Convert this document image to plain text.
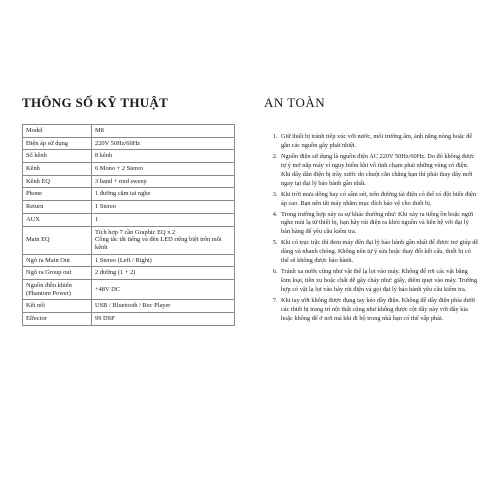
THÔNG SỐ KỸ THUẬT
Model	M8

Điện áp sử dụng	220V 50Hz/60Hz

Số kênh	8 kênh

Kênh	6 Mono + 2 Stereo

Kênh EQ	3 band + mid sweep

Phone	1 đường cắm tai nghe

Return	1 Stereo

AUX	1

Main EQ	Tích hợp 7 cần Graphic EQ x 2
Công tắc tắt tiếng và đèn LED riêng biệt trên mỗi kênh

Ngõ ra Main Out	1 Stereo (Left / Right)

Ngõ ra Group out	2 đường (1 + 2)

Nguồn điều khiển (Phantom Power)	+48V DC

Kết nối	USB / Bluetooth / Rec Player

Effector	99 DSP
AN TOÀN
1. Giữ thiết bị tránh tiếp xúc với nước, môi trường ẩm, ánh nắng nóng hoặc để gần các nguồn gây phát nhiệt.
2. Nguồn điện sử dụng là nguồn điện AC 220V 50Hz/60Hz. Do đó không được tự ý mở nắp máy vì nguy hiểm khi vô tình chạm phải những vùng có điện. Khi dây dẫn điện bị trầy xước do chuột cắn chẳng hạn thì phải thay dây mới ngay tại đại lý bảo hành gần nhất.
3. Khi trời mưa dông hay có sấm sét, trên đường tải điện có thể có đột biến điện áp cao. Bạn nên tắt máy nhằm mục đích bảo vệ cho thiết bị.
4. Trong trường hợp xảy ra sự khác thường như: Khi xảy ra tiếng ồn hoặc ngửi nghe mùi lạ từ thiết bị, bạn hãy rút điện ra khỏi nguồn và liên hệ với đại lý bán hàng để yêu cầu kiểm tra.
5. Khi có trục trặc thì đem máy đến đại lý bảo hành gần nhất để được trợ giúp dễ dàng và nhanh chóng. Không nên tự ý sửa hoặc thay đổi kết cấu, thiết bị có thể sẽ không được bảo hành.
6. Tránh xa nước cũng như vật thể lạ lọt vào máy. Không để rơi các vật bằng kim loại, tiền xu hoặc chất dễ gây cháy như: giấy, diêm quẹt vào máy. Trường hợp có vật lạ lọt vào hãy rút điện và gọi đại lý bảo hành yêu cầu kiểm tra.
7. Khi tay ướt không được đụng tay kéo dây điện. Không để dây điện phía dưới các thiết bị trang trí nội thất cũng như không được cột dây này với dây kia hoặc không để ở nơi mà khi đi bộ trong nhà bạn có thể vấp phải.
